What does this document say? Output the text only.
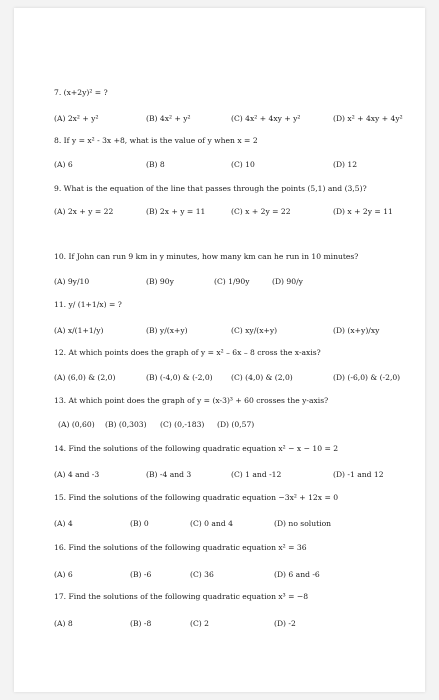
7. (x+2y)² = ?
(A) 2x² + y²	(B) 4x² + y²	(C) 4x² + 4xy + y²	(D) x² + 4xy + 4y²
8. If y = x² - 3x +8, what is the value of y when x = 2
(A) 6	(B) 8	(C) 10	(D) 12
9. What is the equation of the line that passes through the points (5,1) and (3,5)?
(A) 2x + y = 22	(B) 2x + y = 11	(C) x + 2y = 22	(D) x + 2y = 11
10. If John can run 9 km in y minutes, how many km can he run in 10 minutes?
(A) 9y/10	(B) 90y	(C) 1/90y	(D) 90/y
11. y/ (1+1/x) = ?
(A) x/(1+1/y)	(B) y/(x+y)	(C) xy/(x+y)	(D) (x+y)/xy
12. At which points does the graph of y = x² – 6x – 8 cross the x-axis?
(A) (6,0) & (2,0)	(B) (-4,0) & (-2,0) (C) (4,0) & (2,0)	(D) (-6,0) & (-2,0)
13. At which point does the graph of y = (x-3)³ + 60 crosses the y-axis?
(A) (0,60) (B) (0,303) (C) (0,-183) (D) (0,57)
14. Find the solutions of the following quadratic equation x² − x − 10 = 2
(A) 4 and -3	(B) -4 and 3	(C) 1 and -12	(D) -1 and 12
15. Find the solutions of the following quadratic equation −3x² + 12x = 0
(A) 4	(B) 0	(C) 0 and 4	(D) no solution
16. Find the solutions of the following quadratic equation x² = 36
(A) 6	(B) -6	(C) 36	(D) 6 and -6
17. Find the solutions of the following quadratic equation x³ = −8
(A) 8	(B) -8	(C) 2	(D) -2
